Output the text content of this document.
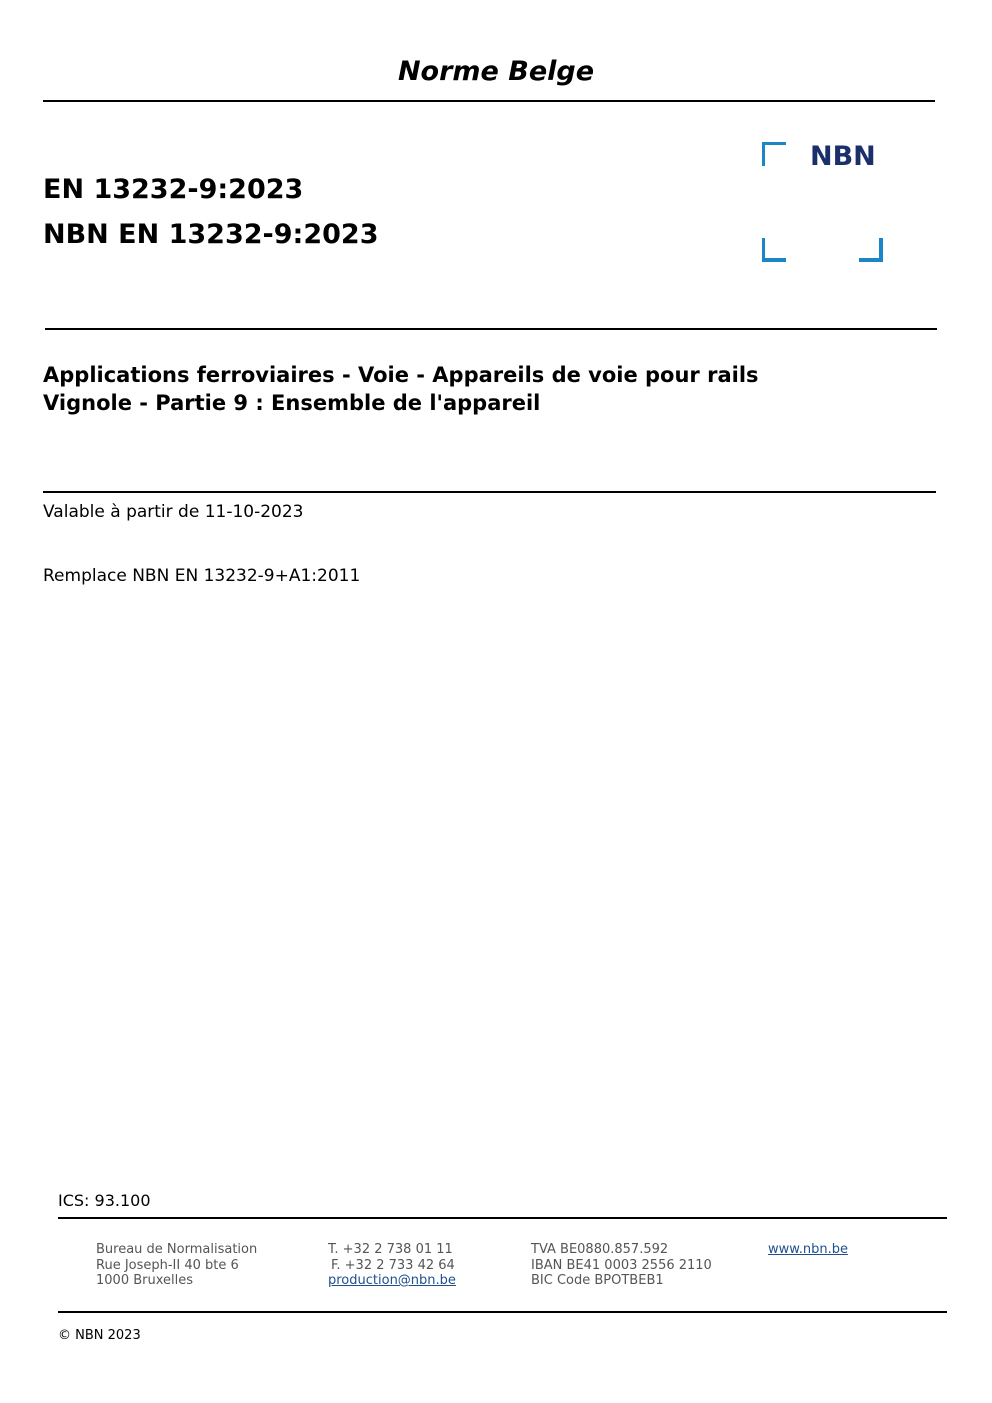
Norme Belge
EN 13232-9:2023
NBN EN 13232-9:2023
NBN
Applications ferroviaires - Voie - Appareils de voie pour rails
Vignole - Partie 9 : Ensemble de l'appareil
Valable à partir de 11-10-2023
Remplace NBN EN 13232-9+A1:2011
ICS: 93.100
Bureau de Normalisation
Rue Joseph-II 40 bte 6
1000 Bruxelles
T. +32 2 738 01 11
F. +32 2 733 42 64
production@nbn.be
TVA BE0880.857.592
IBAN BE41 0003 2556 2110
BIC Code BPOTBEB1
www.nbn.be
© NBN 2023
